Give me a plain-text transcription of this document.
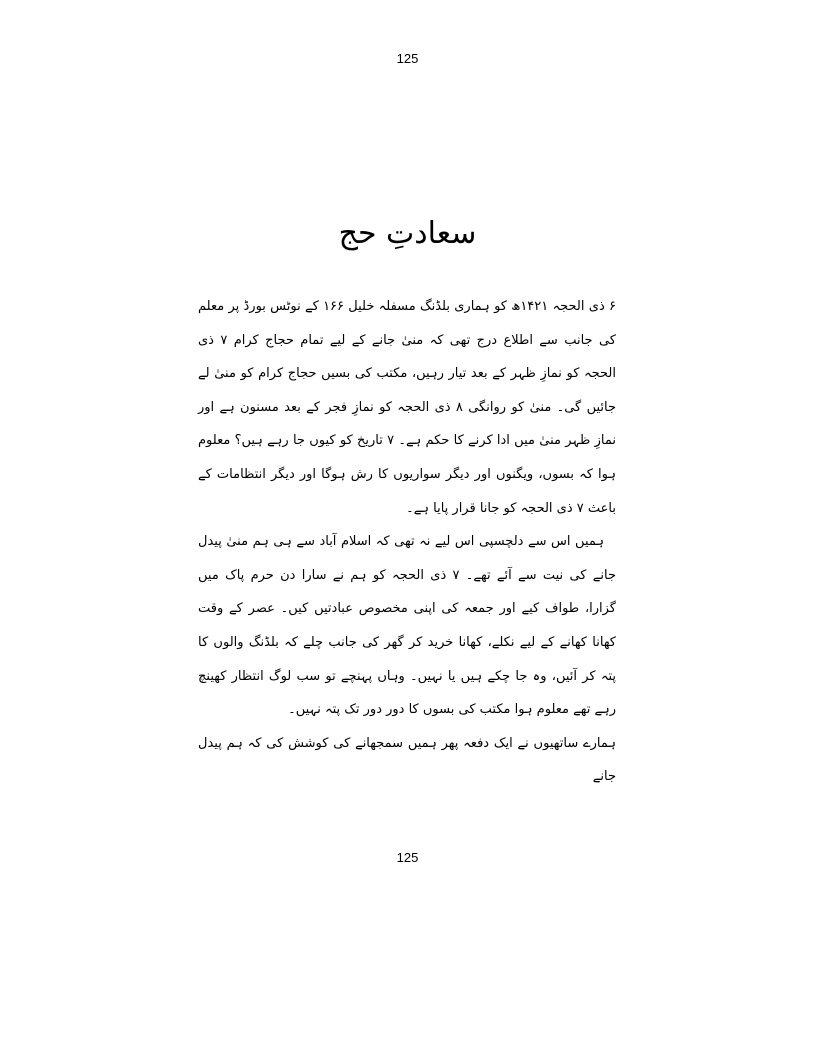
125
سعادتِ حج

۶ ذی الحجہ ۱۴۲۱ھ کو ہماری بلڈنگ مسفلہ خلیل ۱۶۶ کے نوٹس بورڈ پر معلم کی جانب سے اطلاع درج تھی کہ منیٰ جانے کے لیے تمام حجاج کرام ۷ ذی الحجہ کو نمازِ ظہر کے بعد تیار رہیں، مکتب کی بسیں حجاج کرام کو منیٰ لے جائیں گی۔ منیٰ کو روانگی ۸ ذی الحجہ کو نمازِ فجر کے بعد مسنون ہے اور نمازِ ظہر منیٰ میں ادا کرنے کا حکم ہے۔ ۷ تاریخ کو کیوں جا رہے ہیں؟ معلوم ہوا کہ بسوں، ویگنوں اور دیگر سواریوں کا رش ہوگا اور دیگر انتظامات کے باعث ۷ ذی الحجہ کو جانا قرار پایا ہے۔

ہمیں اس سے دلچسپی اس لیے نہ تھی کہ اسلام آباد سے ہی ہم منیٰ پیدل جانے کی نیت سے آئے تھے۔ ۷ ذی الحجہ کو ہم نے سارا دن حرم پاک میں گزارا، طواف کیے اور جمعہ کی اپنی مخصوص عبادتیں کیں۔ عصر کے وقت کھانا کھانے کے لیے نکلے، کھانا خرید کر گھر کی جانب چلے کہ بلڈنگ والوں کا پتہ کر آئیں، وہ جا چکے ہیں یا نہیں۔ وہاں پہنچے تو سب لوگ انتظار کھینچ رہے تھے معلوم ہوا مکتب کی بسوں کا دور دور تک پتہ نہیں۔

ہمارے ساتھیوں نے ایک دفعہ پھر ہمیں سمجھانے کی کوشش کی کہ ہم پیدل جانے

125
